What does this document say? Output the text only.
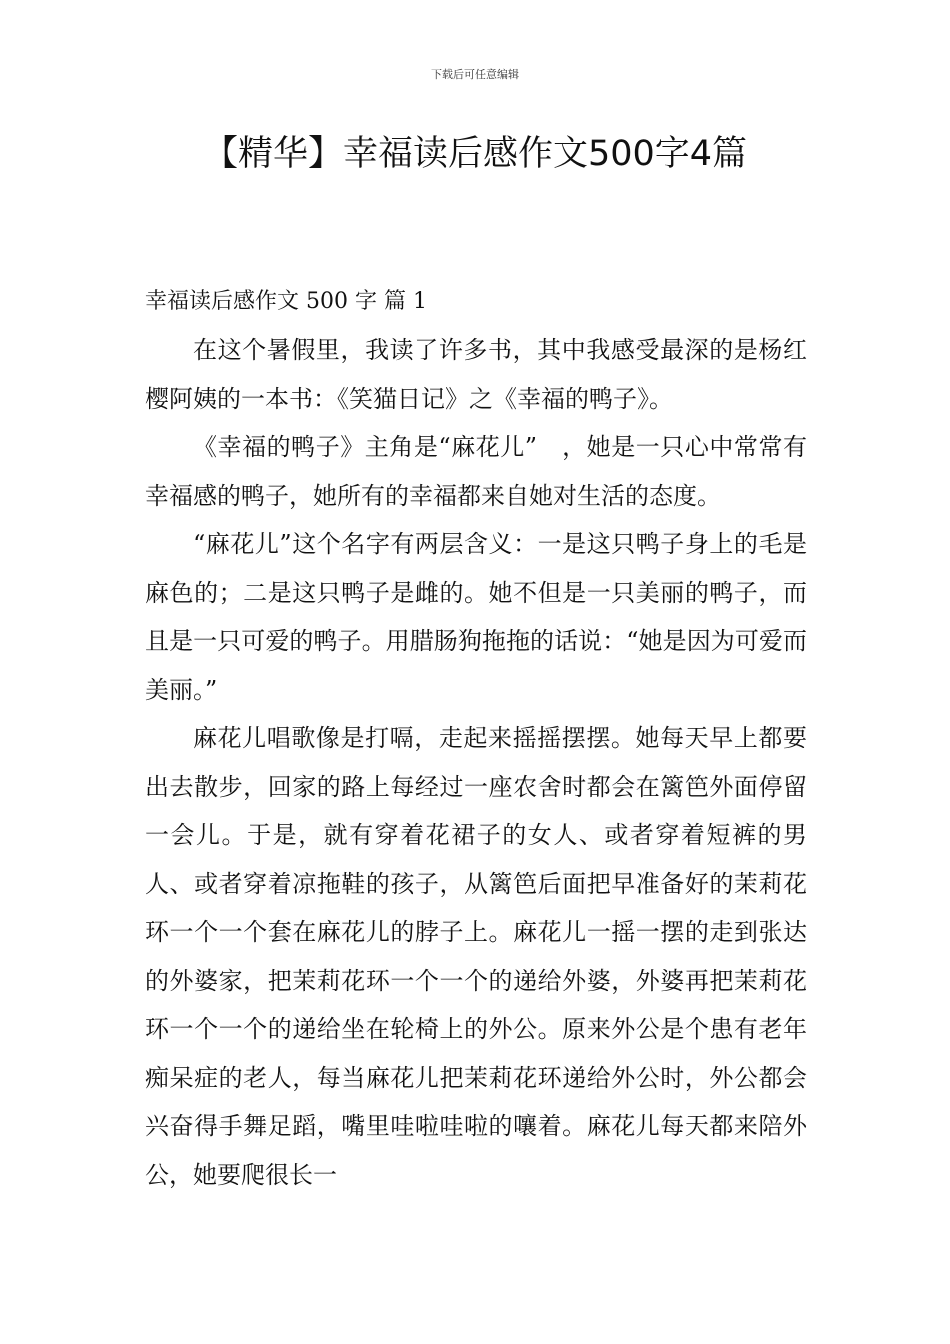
下载后可任意编辑
【精华】幸福读后感作文500字4篇

幸福读后感作文 500 字 篇 1

在这个暑假里，我读了许多书，其中我感受最深的是杨红樱阿姨的一本书：《笑猫日记》之《幸福的鸭子》。

《幸福的鸭子》主角是“麻花儿”　，她是一只心中常常有幸福感的鸭子，她所有的幸福都来自她对生活的态度。

“麻花儿”这个名字有两层含义：一是这只鸭子身上的毛是麻色的；二是这只鸭子是雌的。她不但是一只美丽的鸭子，而且是一只可爱的鸭子。用腊肠狗拖拖的话说：“她是因为可爱而美丽。”

麻花儿唱歌像是打嗝，走起来摇摇摆摆。她每天早上都要出去散步，回家的路上每经过一座农舍时都会在篱笆外面停留一会儿。于是，就有穿着花裙子的女人、或者穿着短裤的男人、或者穿着凉拖鞋的孩子，从篱笆后面把早准备好的茉莉花环一个一个套在麻花儿的脖子上。麻花儿一摇一摆的走到张达的外婆家，把茉莉花环一个一个的递给外婆，外婆再把茉莉花环一个一个的递给坐在轮椅上的外公。原来外公是个患有老年痴呆症的老人，每当麻花儿把茉莉花环递给外公时，外公都会兴奋得手舞足蹈，嘴里哇啦哇啦的嚷着。麻花儿每天都来陪外公，她要爬很长一
